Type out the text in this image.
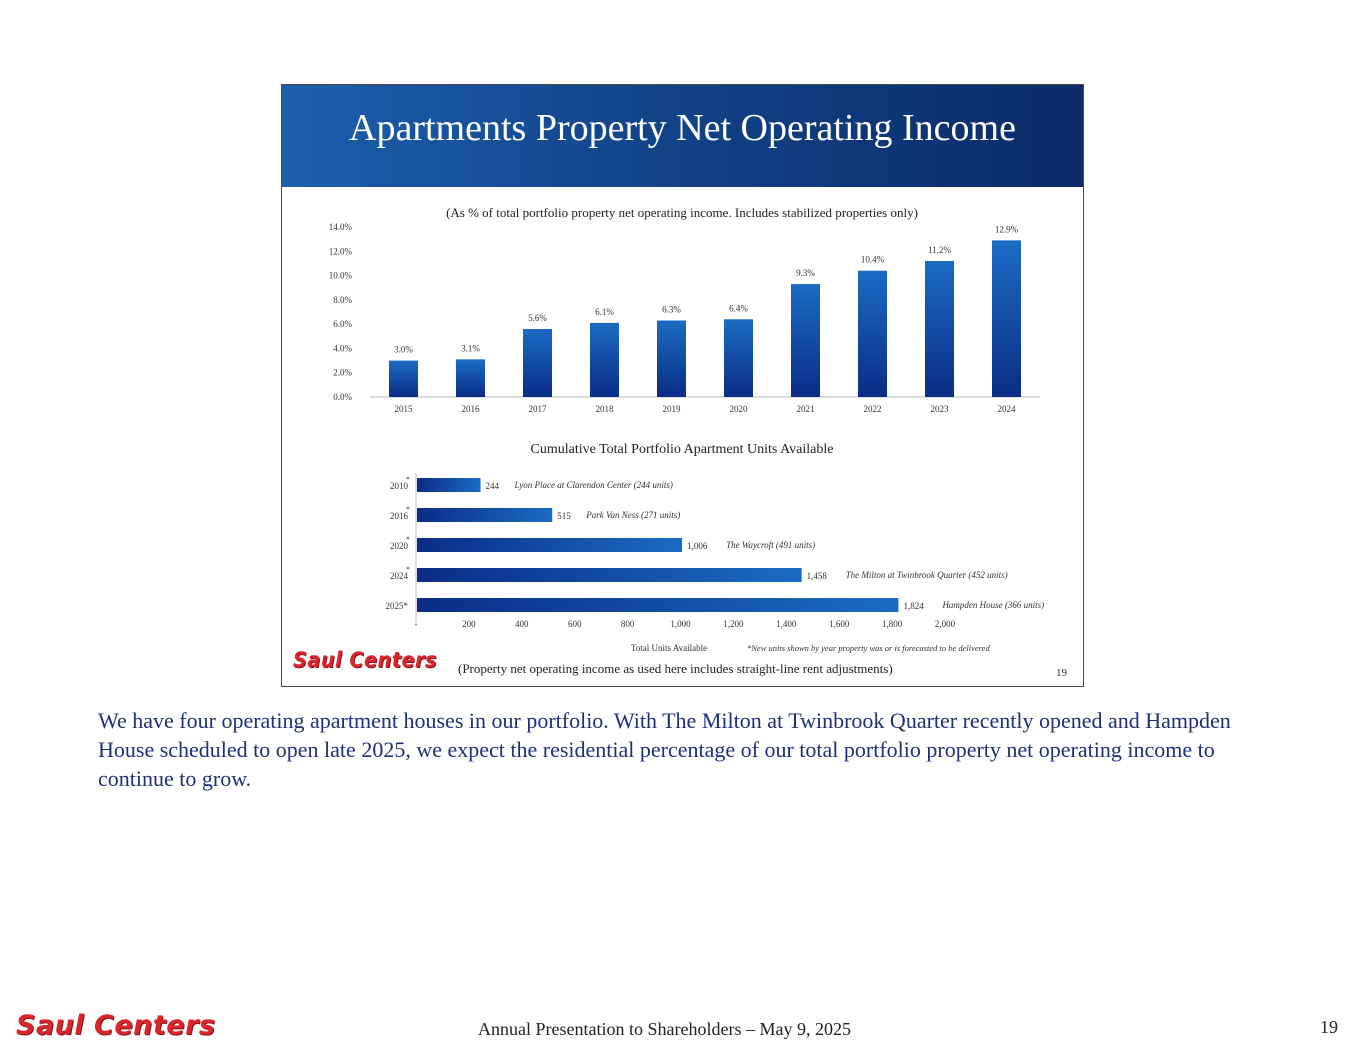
Apartments Property Net Operating Income
(As % of total portfolio property net operating income. Includes stabilized properties only)
0.0%
2.0%
4.0%
6.0%
8.0%
10.0%
12.0%
14.0%
3.0%
2015
3.1%
2016
5.6%
2017
6.1%
2018
6.3%
2019
6.4%
2020
9.3%
2021
10.4%
2022
11.2%
2023
12.9%
2024
Cumulative Total Portfolio Apartment Units Available
2010
*
244 Lyon Place at Clarendon Center (244 units)
2016
*
515 Park Van Ness (271 units)
2020
*
1,006 The Waycroft (491 units)
2024
*
1,458 The Milton at Twinbrook Quarter (452 units)
2025*	1,824 Hampden House (366 units)
-	200	400	600	800	1,000	1,200	1,400	1,600	1,800	2,000
Total Units Available	*New units shown by year property was or is forecasted to be delivered
Saul Centers (Property net operating income as used here includes straight-line rent adjustments)	19

We have four operating apartment houses in our portfolio. With The Milton at Twinbrook Quarter recently opened and Hampden House scheduled to open late 2025, we expect the residential percentage of our total portfolio property net operating income to continue to grow.

Saul Centers	Annual Presentation to Shareholders – May 9, 2025	19
